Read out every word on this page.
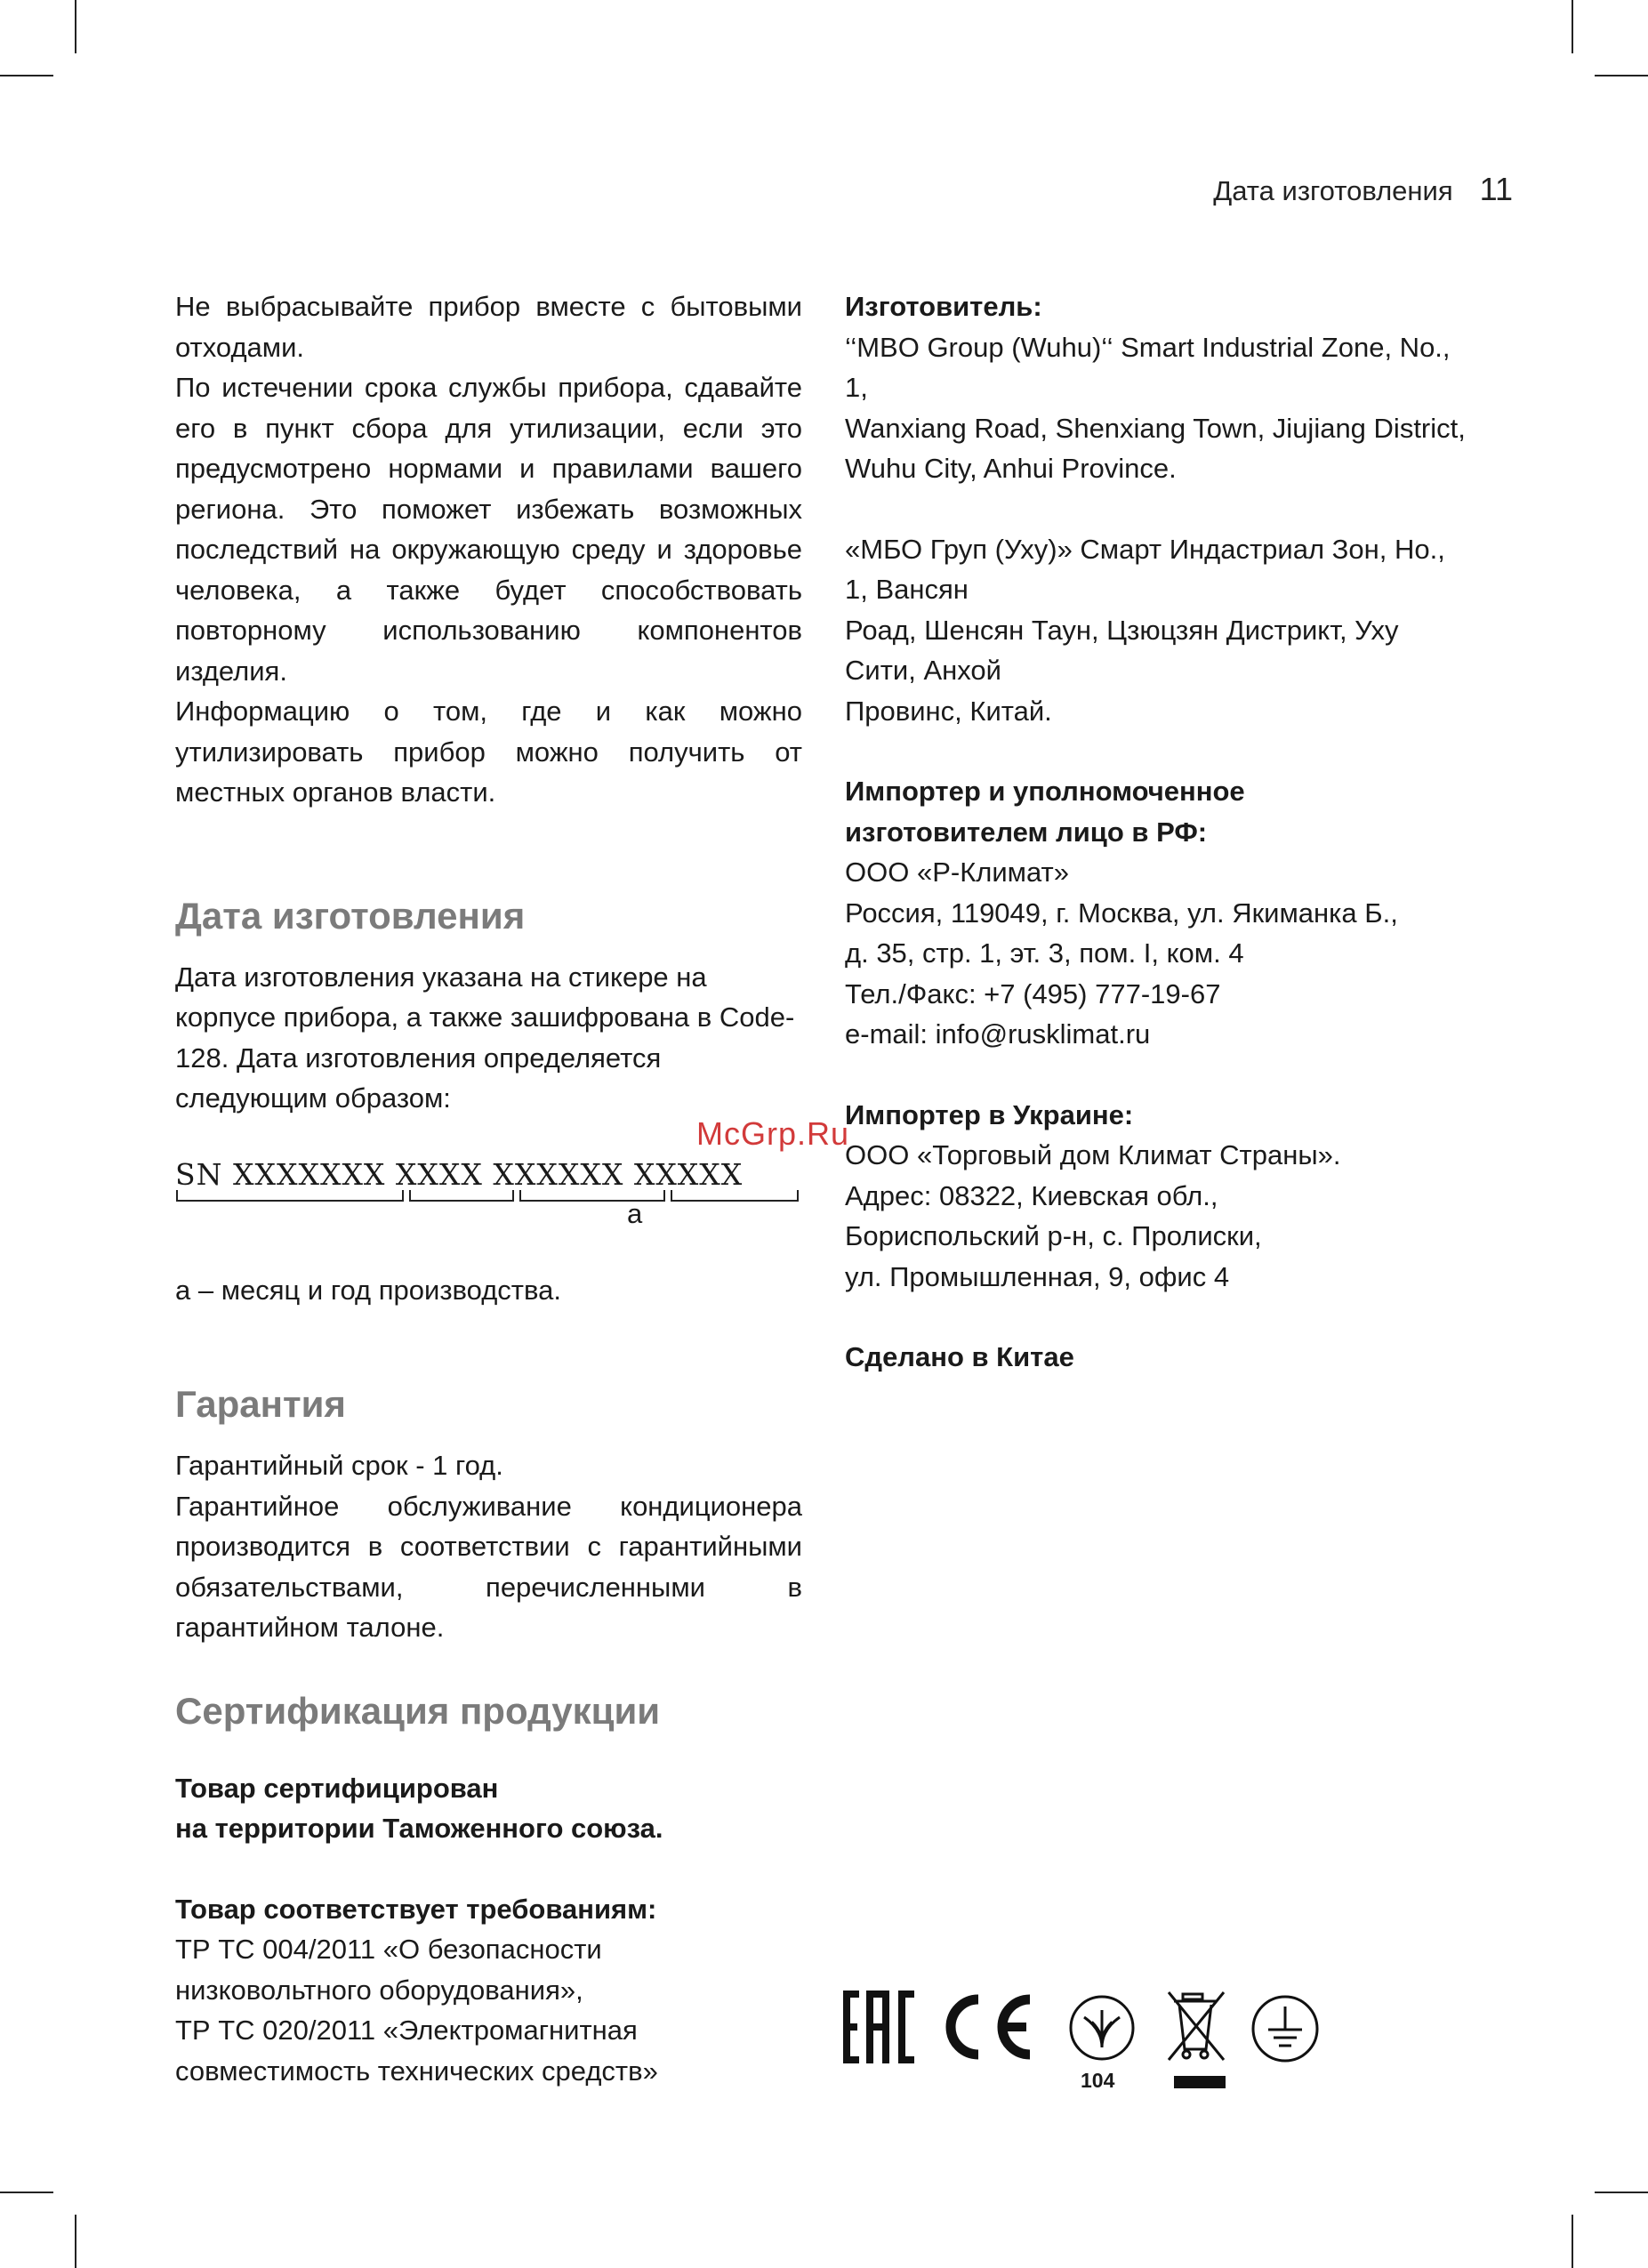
Дата изготовления 11
McGrp.Ru

Не выбрасывайте прибор вместе с бытовыми отходами.

По истечении срока службы прибора, сдавайте его в пункт сбора для утилизации, если это предусмотрено нормами и правилами вашего региона. Это поможет избежать возможных последствий на окружающую среду и здоровье человека, а также будет способствовать повторному использованию компонентов изделия.

Информацию о том, где и как можно утилизировать прибор можно получить от местных органов власти.

Дата изготовления

Дата изготовления указана на стикере на корпусе прибора, а также зашифрована в Code-128. Дата изготовления определяется следующим образом:

SN XXXXXXX XXXX XXXXXX XXXXX
a

а – месяц и год производства.

Гарантия

Гарантийный срок - 1 год.

Гарантийное обслуживание кондиционера производится в соответствии с гарантийными обязательствами, перечисленными в гарантийном талоне.

Сертификация продукции

Товар сертифицирован

на территории Таможенного союза.

Товар соответствует требованиям:

ТР ТС 004/2011 «О безопасности

низковольтного оборудования»,

ТР ТС 020/2011 «Электромагнитная

совместимость технических средств»

Изготовитель:

‘‘MBO Group (Wuhu)‘‘ Smart Industrial Zone, No., 1,

Wanxiang Road, Shenxiang Town, Jiujiang District, Wuhu City, Anhui Province.

«МБО Груп (Ухy)» Смарт Индастриал Зон, Но., 1, Вансян

Роад, Шенсян Таун, Цзюцзян Дистрикт, Уху Сити, Анхой

Провинс, Китай.

Импортер и уполномоченное

изготовителем лицо в РФ:

ООО «Р-Климат»

Россия, 119049, г. Москва, ул. Якиманка Б.,

д. 35, стр. 1, эт. 3, пом. I, ком. 4

Тел./Факс: +7 (495) 777-19-67

e-mail: info@rusklimat.ru

Импортер в Украине:

ООО «Торговый дом Климат Страны».

Адрес: 08322, Киевская обл.,

Бориспольский р-н, с. Пролиски,

ул. Промышленная, 9, офис 4

Сделано в Китае

104
